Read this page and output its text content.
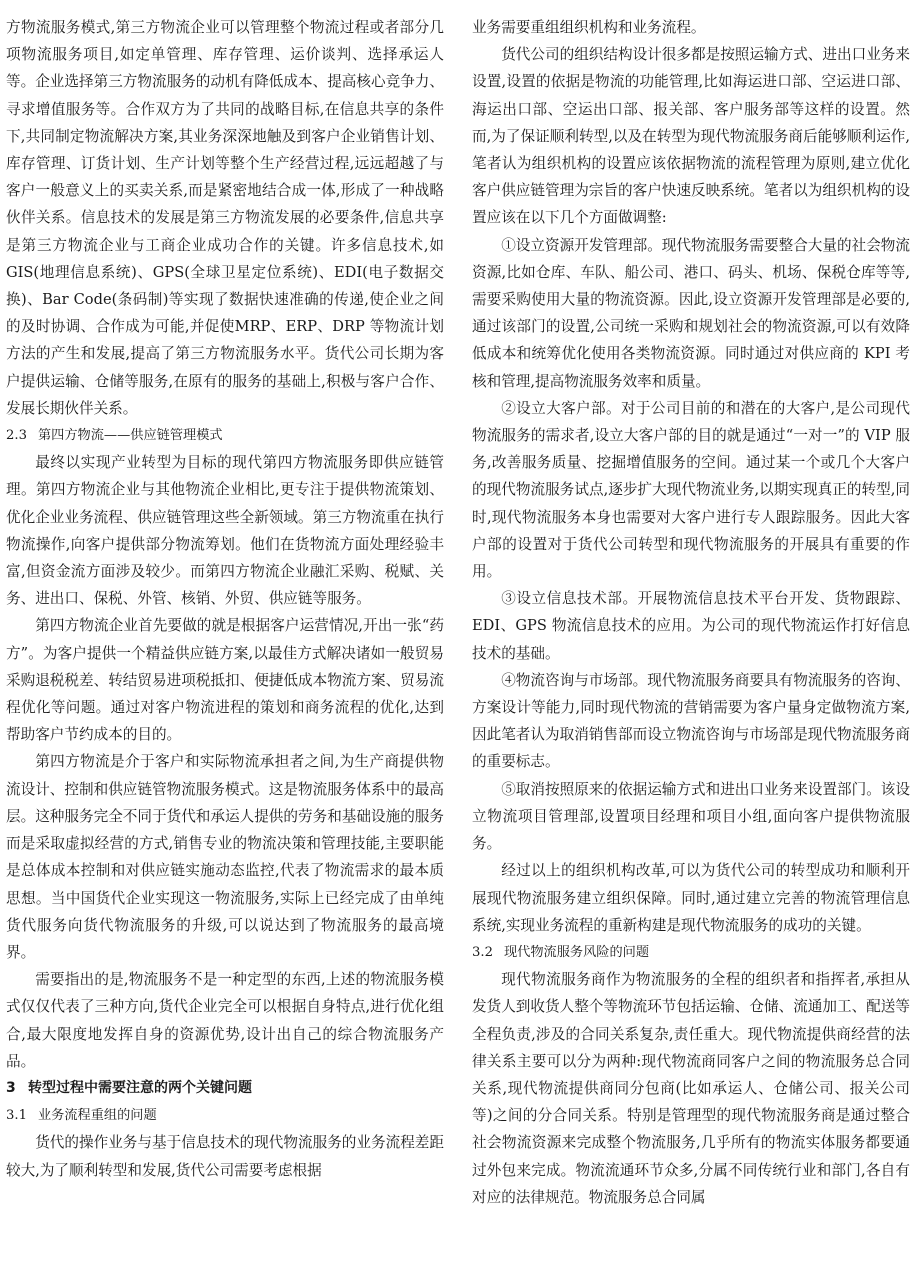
方物流服务模式,第三方物流企业可以管理整个物流过程或者部分几项物流服务项目,如定单管理、库存管理、运价谈判、选择承运人等。企业选择第三方物流服务的动机有降低成本、提高核心竞争力、寻求增值服务等。合作双方为了共同的战略目标,在信息共享的条件下,共同制定物流解决方案,其业务深深地触及到客户企业销售计划、库存管理、订货计划、生产计划等整个生产经营过程,远远超越了与客户一般意义上的买卖关系,而是紧密地结合成一体,形成了一种战略伙伴关系。信息技术的发展是第三方物流发展的必要条件,信息共享是第三方物流企业与工商企业成功合作的关键。许多信息技术,如 GIS(地理信息系统)、GPS(全球卫星定位系统)、EDI(电子数据交换)、Bar Code(条码制)等实现了数据快速准确的传递,使企业之间的及时协调、合作成为可能,并促使MRP、ERP、DRP 等物流计划方法的产生和发展,提高了第三方物流服务水平。货代公司长期为客户提供运输、仓储等服务,在原有的服务的基础上,积极与客户合作、发展长期伙伴关系。

2.3 第四方物流——供应链管理模式

最终以实现产业转型为目标的现代第四方物流服务即供应链管理。第四方物流企业与其他物流企业相比,更专注于提供物流策划、优化企业业务流程、供应链管理这些全新领域。第三方物流重在执行物流操作,向客户提供部分物流筹划。他们在货物流方面处理经验丰富,但资金流方面涉及较少。而第四方物流企业融汇采购、税赋、关务、进出口、保税、外管、核销、外贸、供应链等服务。

第四方物流企业首先要做的就是根据客户运营情况,开出一张“药方”。为客户提供一个精益供应链方案,以最佳方式解决诸如一般贸易采购退税税差、转结贸易进项税抵扣、便捷低成本物流方案、贸易流程优化等问题。通过对客户物流进程的策划和商务流程的优化,达到帮助客户节约成本的目的。

第四方物流是介于客户和实际物流承担者之间,为生产商提供物流设计、控制和供应链管物流服务模式。这是物流服务体系中的最高层。这种服务完全不同于货代和承运人提供的劳务和基础设施的服务而是采取虚拟经营的方式,销售专业的物流决策和管理技能,主要职能是总体成本控制和对供应链实施动态监控,代表了物流需求的最本质思想。当中国货代企业实现这一物流服务,实际上已经完成了由单纯货代服务向货代物流服务的升级,可以说达到了物流服务的最高境界。

需要指出的是,物流服务不是一种定型的东西,上述的物流服务模式仅仅代表了三种方向,货代企业完全可以根据自身特点,进行优化组合,最大限度地发挥自身的资源优势,设计出自己的综合物流服务产品。

3 转型过程中需要注意的两个关键问题

3.1 业务流程重组的问题

货代的操作业务与基于信息技术的现代物流服务的业务流程差距较大,为了顺利转型和发展,货代公司需要考虑根据

业务需要重组组织机构和业务流程。

货代公司的组织结构设计很多都是按照运输方式、进出口业务来设置,设置的依据是物流的功能管理,比如海运进口部、空运进口部、海运出口部、空运出口部、报关部、客户服务部等这样的设置。然而,为了保证顺利转型,以及在转型为现代物流服务商后能够顺利运作,笔者认为组织机构的设置应该依据物流的流程管理为原则,建立优化客户供应链管理为宗旨的客户快速反映系统。笔者以为组织机构的设置应该在以下几个方面做调整:

①设立资源开发管理部。现代物流服务需要整合大量的社会物流资源,比如仓库、车队、船公司、港口、码头、机场、保税仓库等等,需要采购使用大量的物流资源。因此,设立资源开发管理部是必要的,通过该部门的设置,公司统一采购和规划社会的物流资源,可以有效降低成本和统筹优化使用各类物流资源。同时通过对供应商的 KPI 考核和管理,提高物流服务效率和质量。

②设立大客户部。对于公司目前的和潜在的大客户,是公司现代物流服务的需求者,设立大客户部的目的就是通过“一对一”的 VIP 服务,改善服务质量、挖掘增值服务的空间。通过某一个或几个大客户的现代物流服务试点,逐步扩大现代物流业务,以期实现真正的转型,同时,现代物流服务本身也需要对大客户进行专人跟踪服务。因此大客户部的设置对于货代公司转型和现代物流服务的开展具有重要的作用。

③设立信息技术部。开展物流信息技术平台开发、货物跟踪、EDI、GPS 物流信息技术的应用。为公司的现代物流运作打好信息技术的基础。

④物流咨询与市场部。现代物流服务商要具有物流服务的咨询、方案设计等能力,同时现代物流的营销需要为客户量身定做物流方案,因此笔者认为取消销售部而设立物流咨询与市场部是现代物流服务商的重要标志。

⑤取消按照原来的依据运输方式和进出口业务来设置部门。该设立物流项目管理部,设置项目经理和项目小组,面向客户提供物流服务。

经过以上的组织机构改革,可以为货代公司的转型成功和顺利开展现代物流服务建立组织保障。同时,通过建立完善的物流管理信息系统,实现业务流程的重新构建是现代物流服务的成功的关键。

3.2 现代物流服务风险的问题

现代物流服务商作为物流服务的全程的组织者和指挥者,承担从发货人到收货人整个等物流环节包括运输、仓储、流通加工、配送等全程负责,涉及的合同关系复杂,责任重大。现代物流提供商经营的法律关系主要可以分为两种:现代物流商同客户之间的物流服务总合同关系,现代物流提供商同分包商(比如承运人、仓储公司、报关公司等)之间的分合同关系。特别是管理型的现代物流服务商是通过整合社会物流资源来完成整个物流服务,几乎所有的物流实体服务都要通过外包来完成。物流流通环节众多,分属不同传统行业和部门,各自有对应的法律规范。物流服务总合同属
